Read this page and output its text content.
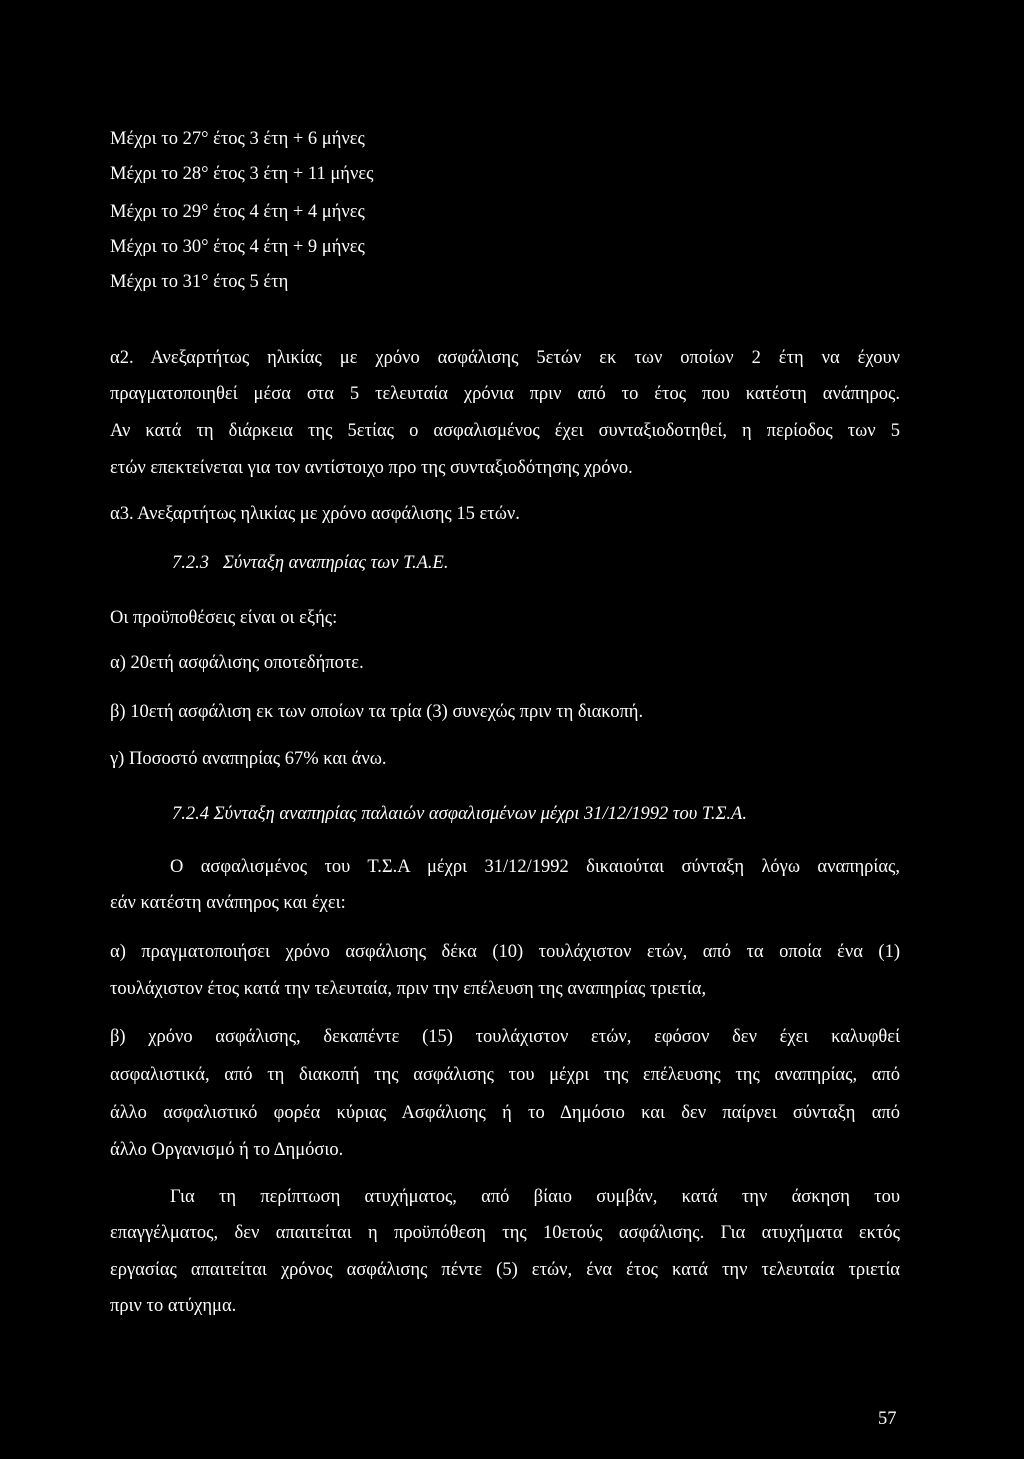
Μέχρι το 27° έτος 3 έτη + 6 μήνες
Μέχρι το 28° έτος 3 έτη + 11 μήνες
Μέχρι το 29° έτος 4 έτη + 4 μήνες
Μέχρι το 30° έτος 4 έτη + 9 μήνες
Μέχρι το 31° έτος 5 έτη
α2. Ανεξαρτήτως ηλικίας με χρόνο ασφάλισης 5ετών εκ των οποίων 2 έτη να έχουν
πραγματοποιηθεί μέσα στα 5 τελευταία χρόνια πριν από το έτος που κατέστη ανάπηρος.
Αν κατά τη διάρκεια της 5ετίας ο ασφαλισμένος έχει συνταξιοδοτηθεί, η περίοδος των 5
ετών επεκτείνεται για τον αντίστοιχο προ της συνταξιοδότησης χρόνο.
α3. Ανεξαρτήτως ηλικίας με χρόνο ασφάλισης 15 ετών.
7.2.3   Σύνταξη αναπηρίας των Τ.Α.Ε.
Οι προϋποθέσεις είναι οι εξής:
α) 20ετή ασφάλισης οποτεδήποτε.
β) 10ετή ασφάλιση εκ των οποίων τα τρία (3) συνεχώς πριν τη διακοπή.
γ) Ποσοστό αναπηρίας 67% και άνω.
7.2.4 Σύνταξη αναπηρίας παλαιών ασφαλισμένων μέχρι 31/12/1992 του Τ.Σ.Α.
Ο ασφαλισμένος του Τ.Σ.Α μέχρι 31/12/1992 δικαιούται σύνταξη λόγω αναπηρίας,
εάν κατέστη ανάπηρος και έχει:
α) πραγματοποιήσει χρόνο ασφάλισης δέκα (10) τουλάχιστον ετών, από τα οποία ένα (1)
τουλάχιστον έτος κατά την τελευταία, πριν την επέλευση της αναπηρίας τριετία,
β) χρόνο ασφάλισης, δεκαπέντε (15) τουλάχιστον ετών, εφόσον δεν έχει καλυφθεί
ασφαλιστικά, από τη διακοπή της ασφάλισης του μέχρι της επέλευσης της αναπηρίας, από
άλλο ασφαλιστικό φορέα κύριας Ασφάλισης ή το Δημόσιο και δεν παίρνει σύνταξη από
άλλο Οργανισμό ή το Δημόσιο.
Για τη περίπτωση ατυχήματος, από βίαιο συμβάν, κατά την άσκηση του
επαγγέλματος, δεν απαιτείται η προϋπόθεση της 10ετούς ασφάλισης. Για ατυχήματα εκτός
εργασίας απαιτείται χρόνος ασφάλισης πέντε (5) ετών, ένα έτος κατά την τελευταία τριετία
πριν το ατύχημα.
57
